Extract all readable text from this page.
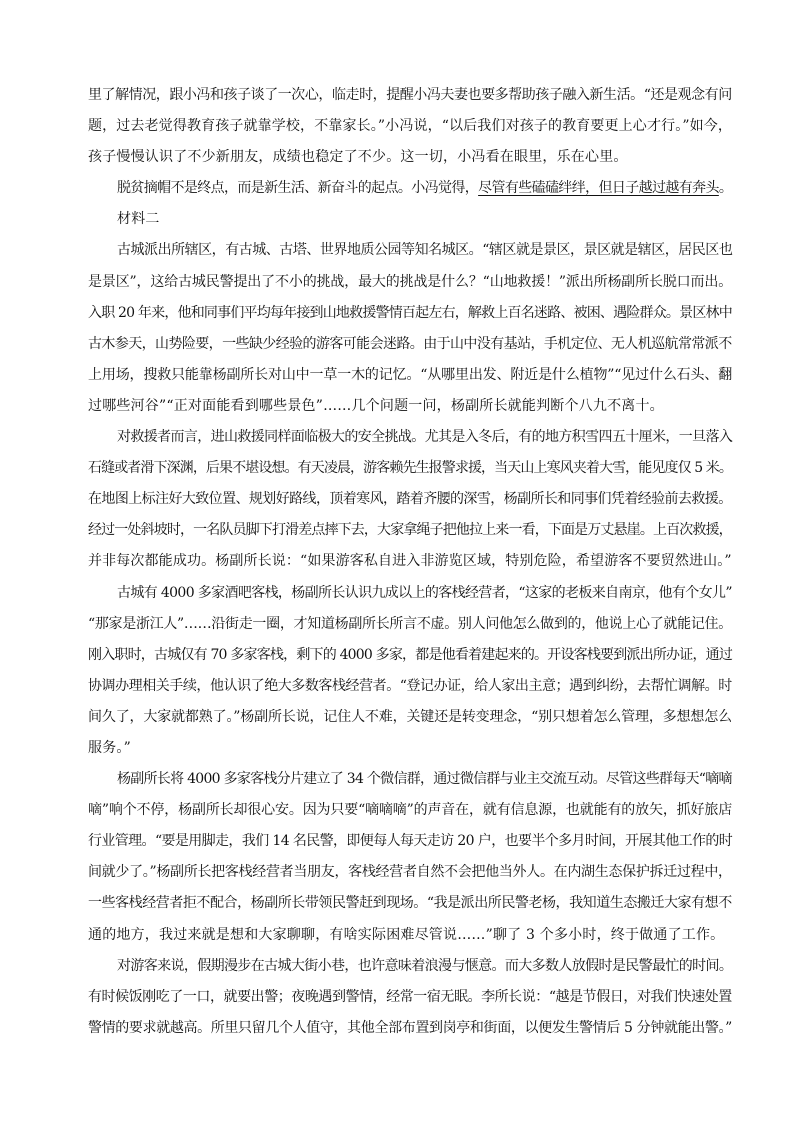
里了解情况，跟小冯和孩子谈了一次心，临走时，提醒小冯夫妻也要多帮助孩子融入新生活。“还是观念有问
题，过去老觉得教育孩子就靠学校，不靠家长。”小冯说，“以后我们对孩子的教育要更上心才行。”如今，
孩子慢慢认识了不少新朋友，成绩也稳定了不少。这一切，小冯看在眼里，乐在心里。

脱贫摘帽不是终点，而是新生活、新奋斗的起点。小冯觉得，尽管有些磕磕绊绊，但日子越过越有奔头。

材料二

古城派出所辖区，有古城、古塔、世界地质公园等知名城区。“辖区就是景区，景区就是辖区，居民区也
是景区”，这给古城民警提出了不小的挑战，最大的挑战是什么？“山地救援！”派出所杨副所长脱口而出。
入职 20 年来，他和同事们平均每年接到山地救援警情百起左右，解救上百名迷路、被困、遇险群众。景区林中
古木参天，山势险要，一些缺少经验的游客可能会迷路。由于山中没有基站，手机定位、无人机巡航常常派不
上用场，搜救只能靠杨副所长对山中一草一木的记忆。“从哪里出发、附近是什么植物”“见过什么石头、翻
过哪些河谷”“正对面能看到哪些景色”……几个问题一问，杨副所长就能判断个八九不离十。

对救援者而言，进山救援同样面临极大的安全挑战。尤其是入冬后，有的地方积雪四五十厘米，一旦落入
石缝或者滑下深渊，后果不堪设想。有天凌晨，游客赖先生报警求援，当天山上寒风夹着大雪，能见度仅 5 米。
在地图上标注好大致位置、规划好路线，顶着寒风，踏着齐腰的深雪，杨副所长和同事们凭着经验前去救援。
经过一处斜坡时，一名队员脚下打滑差点摔下去，大家拿绳子把他拉上来一看，下面是万丈悬崖。上百次救援，
并非每次都能成功。杨副所长说：“如果游客私自进入非游览区域，特别危险，希望游客不要贸然进山。”

古城有 4000 多家酒吧客栈，杨副所长认识九成以上的客栈经营者，“这家的老板来自南京，他有个女儿”
“那家是浙江人”……沿街走一圈，才知道杨副所长所言不虚。别人问他怎么做到的，他说上心了就能记住。
刚入职时，古城仅有 70 多家客栈，剩下的 4000 多家，都是他看着建起来的。开设客栈要到派出所办证，通过
协调办理相关手续，他认识了绝大多数客栈经营者。“登记办证，给人家出主意；遇到纠纷，去帮忙调解。时
间久了，大家就都熟了。”杨副所长说，记住人不难，关键还是转变理念，“别只想着怎么管理，多想想怎么
服务。”

杨副所长将 4000 多家客栈分片建立了 34 个微信群，通过微信群与业主交流互动。尽管这些群每天“嘀嘀
嘀”响个不停，杨副所长却很心安。因为只要“嘀嘀嘀”的声音在，就有信息源，也就能有的放矢，抓好旅店
行业管理。“要是用脚走，我们 14 名民警，即便每人每天走访 20 户，也要半个多月时间，开展其他工作的时
间就少了。”杨副所长把客栈经营者当朋友，客栈经营者自然不会把他当外人。在内湖生态保护拆迁过程中，
一些客栈经营者拒不配合，杨副所长带领民警赶到现场。“我是派出所民警老杨，我知道生态搬迁大家有想不
通的地方，我过来就是想和大家聊聊，有啥实际困难尽管说……”聊了 3 个多小时，终于做通了工作。

对游客来说，假期漫步在古城大街小巷，也许意味着浪漫与惬意。而大多数人放假时是民警最忙的时间。
有时候饭刚吃了一口，就要出警；夜晚遇到警情，经常一宿无眠。李所长说：“越是节假日，对我们快速处置
警情的要求就越高。所里只留几个人值守，其他全部布置到岗亭和街面，以便发生警情后 5 分钟就能出警。”
